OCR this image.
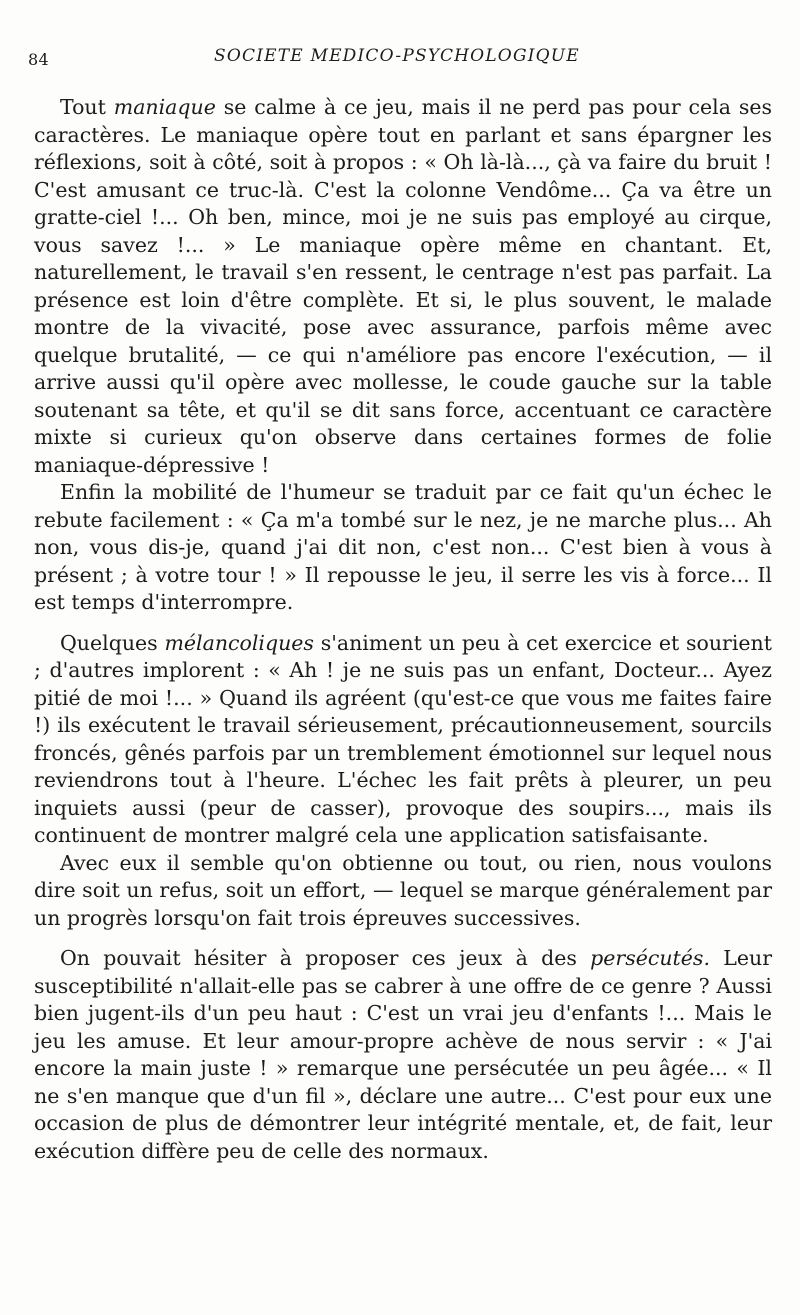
84	SOCIETE MEDICO-PSYCHOLOGIQUE

Tout maniaque se calme à ce jeu, mais il ne perd pas pour cela ses caractères. Le maniaque opère tout en parlant et sans épargner les réflexions, soit à côté, soit à propos : « Oh là-là..., çà va faire du bruit ! C'est amusant ce truc-là. C'est la colonne Vendôme... Ça va être un gratte-ciel !... Oh ben, mince, moi je ne suis pas employé au cirque, vous savez !... » Le maniaque opère même en chantant. Et, naturellement, le travail s'en ressent, le centrage n'est pas parfait. La présence est loin d'être complète. Et si, le plus souvent, le malade montre de la vivacité, pose avec assurance, parfois même avec quelque brutalité, — ce qui n'améliore pas encore l'exécution, — il arrive aussi qu'il opère avec mollesse, le coude gauche sur la table soutenant sa tête, et qu'il se dit sans force, accentuant ce caractère mixte si curieux qu'on observe dans certaines formes de folie maniaque-dépressive !

Enfin la mobilité de l'humeur se traduit par ce fait qu'un échec le rebute facilement : « Ça m'a tombé sur le nez, je ne marche plus... Ah non, vous dis-je, quand j'ai dit non, c'est non... C'est bien à vous à présent ; à votre tour ! » Il repousse le jeu, il serre les vis à force... Il est temps d'interrompre.

Quelques mélancoliques s'animent un peu à cet exercice et sourient ; d'autres implorent : « Ah ! je ne suis pas un enfant, Docteur... Ayez pitié de moi !... » Quand ils agréent (qu'est-ce que vous me faites faire !) ils exécutent le travail sérieusement, précautionneusement, sourcils froncés, gênés parfois par un tremblement émotionnel sur lequel nous reviendrons tout à l'heure. L'échec les fait prêts à pleurer, un peu inquiets aussi (peur de casser), provoque des soupirs..., mais ils continuent de montrer malgré cela une application satisfaisante.

Avec eux il semble qu'on obtienne ou tout, ou rien, nous voulons dire soit un refus, soit un effort, — lequel se marque généralement par un progrès lorsqu'on fait trois épreuves successives.

On pouvait hésiter à proposer ces jeux à des persécutés. Leur susceptibilité n'allait-elle pas se cabrer à une offre de ce genre ? Aussi bien jugent-ils d'un peu haut : C'est un vrai jeu d'enfants !... Mais le jeu les amuse. Et leur amour-propre achève de nous servir : « J'ai encore la main juste ! » remarque une persécutée un peu âgée... « Il ne s'en manque que d'un fil », déclare une autre... C'est pour eux une occasion de plus de démontrer leur intégrité mentale, et, de fait, leur exécution diffère peu de celle des normaux.
